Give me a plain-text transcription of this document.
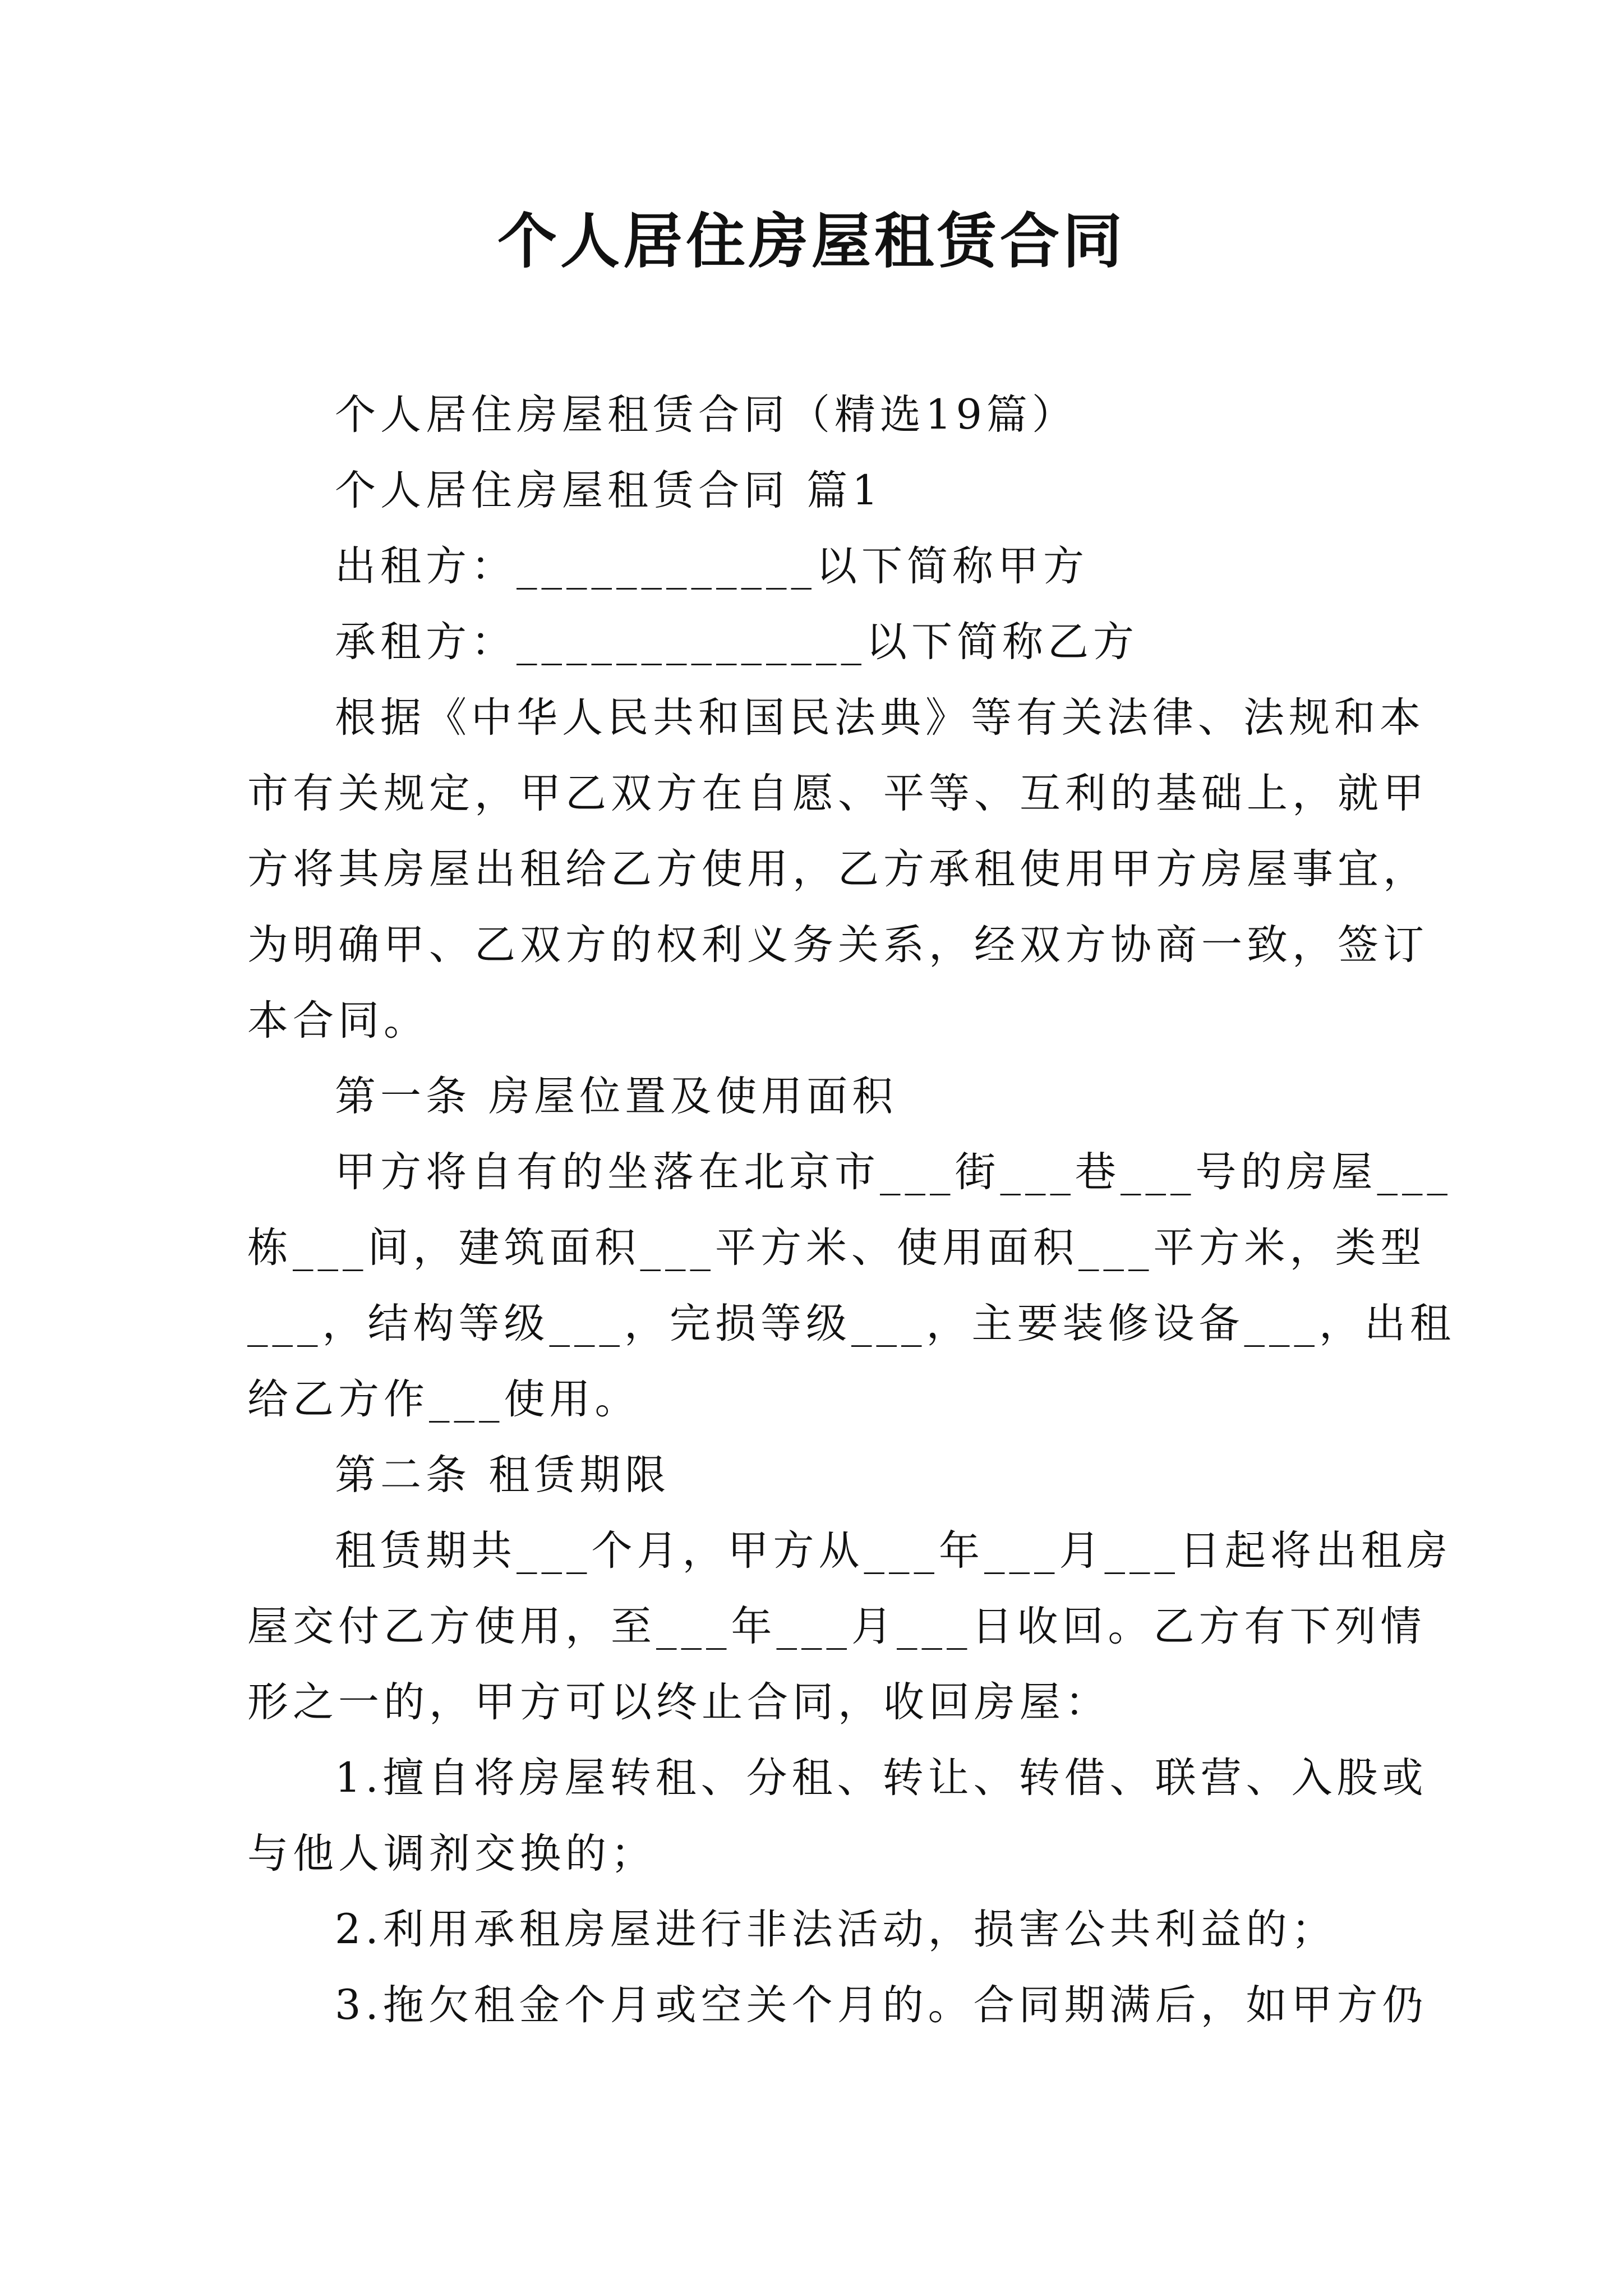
个人居住房屋租赁合同
个人居住房屋租赁合同（精选19篇）
个人居住房屋租赁合同 篇1
出租方：____________以下简称甲方
承租方：______________以下简称乙方
根据《中华人民共和国民法典》等有关法律、法规和本
市有关规定，甲乙双方在自愿、平等、互利的基础上，就甲
方将其房屋出租给乙方使用，乙方承租使用甲方房屋事宜，
为明确甲、乙双方的权利义务关系，经双方协商一致，签订
本合同。
第一条 房屋位置及使用面积
甲方将自有的坐落在北京市___街___巷___号的房屋___
栋___间，建筑面积___平方米、使用面积___平方米，类型
___，结构等级___，完损等级___，主要装修设备___，出租
给乙方作___使用。
第二条 租赁期限
租赁期共___个月，甲方从___年___月___日起将出租房
屋交付乙方使用，至___年___月___日收回。乙方有下列情
形之一的，甲方可以终止合同，收回房屋：
1.擅自将房屋转租、分租、转让、转借、联营、入股或
与他人调剂交换的；
2.利用承租房屋进行非法活动，损害公共利益的；
3.拖欠租金个月或空关个月的。合同期满后，如甲方仍
